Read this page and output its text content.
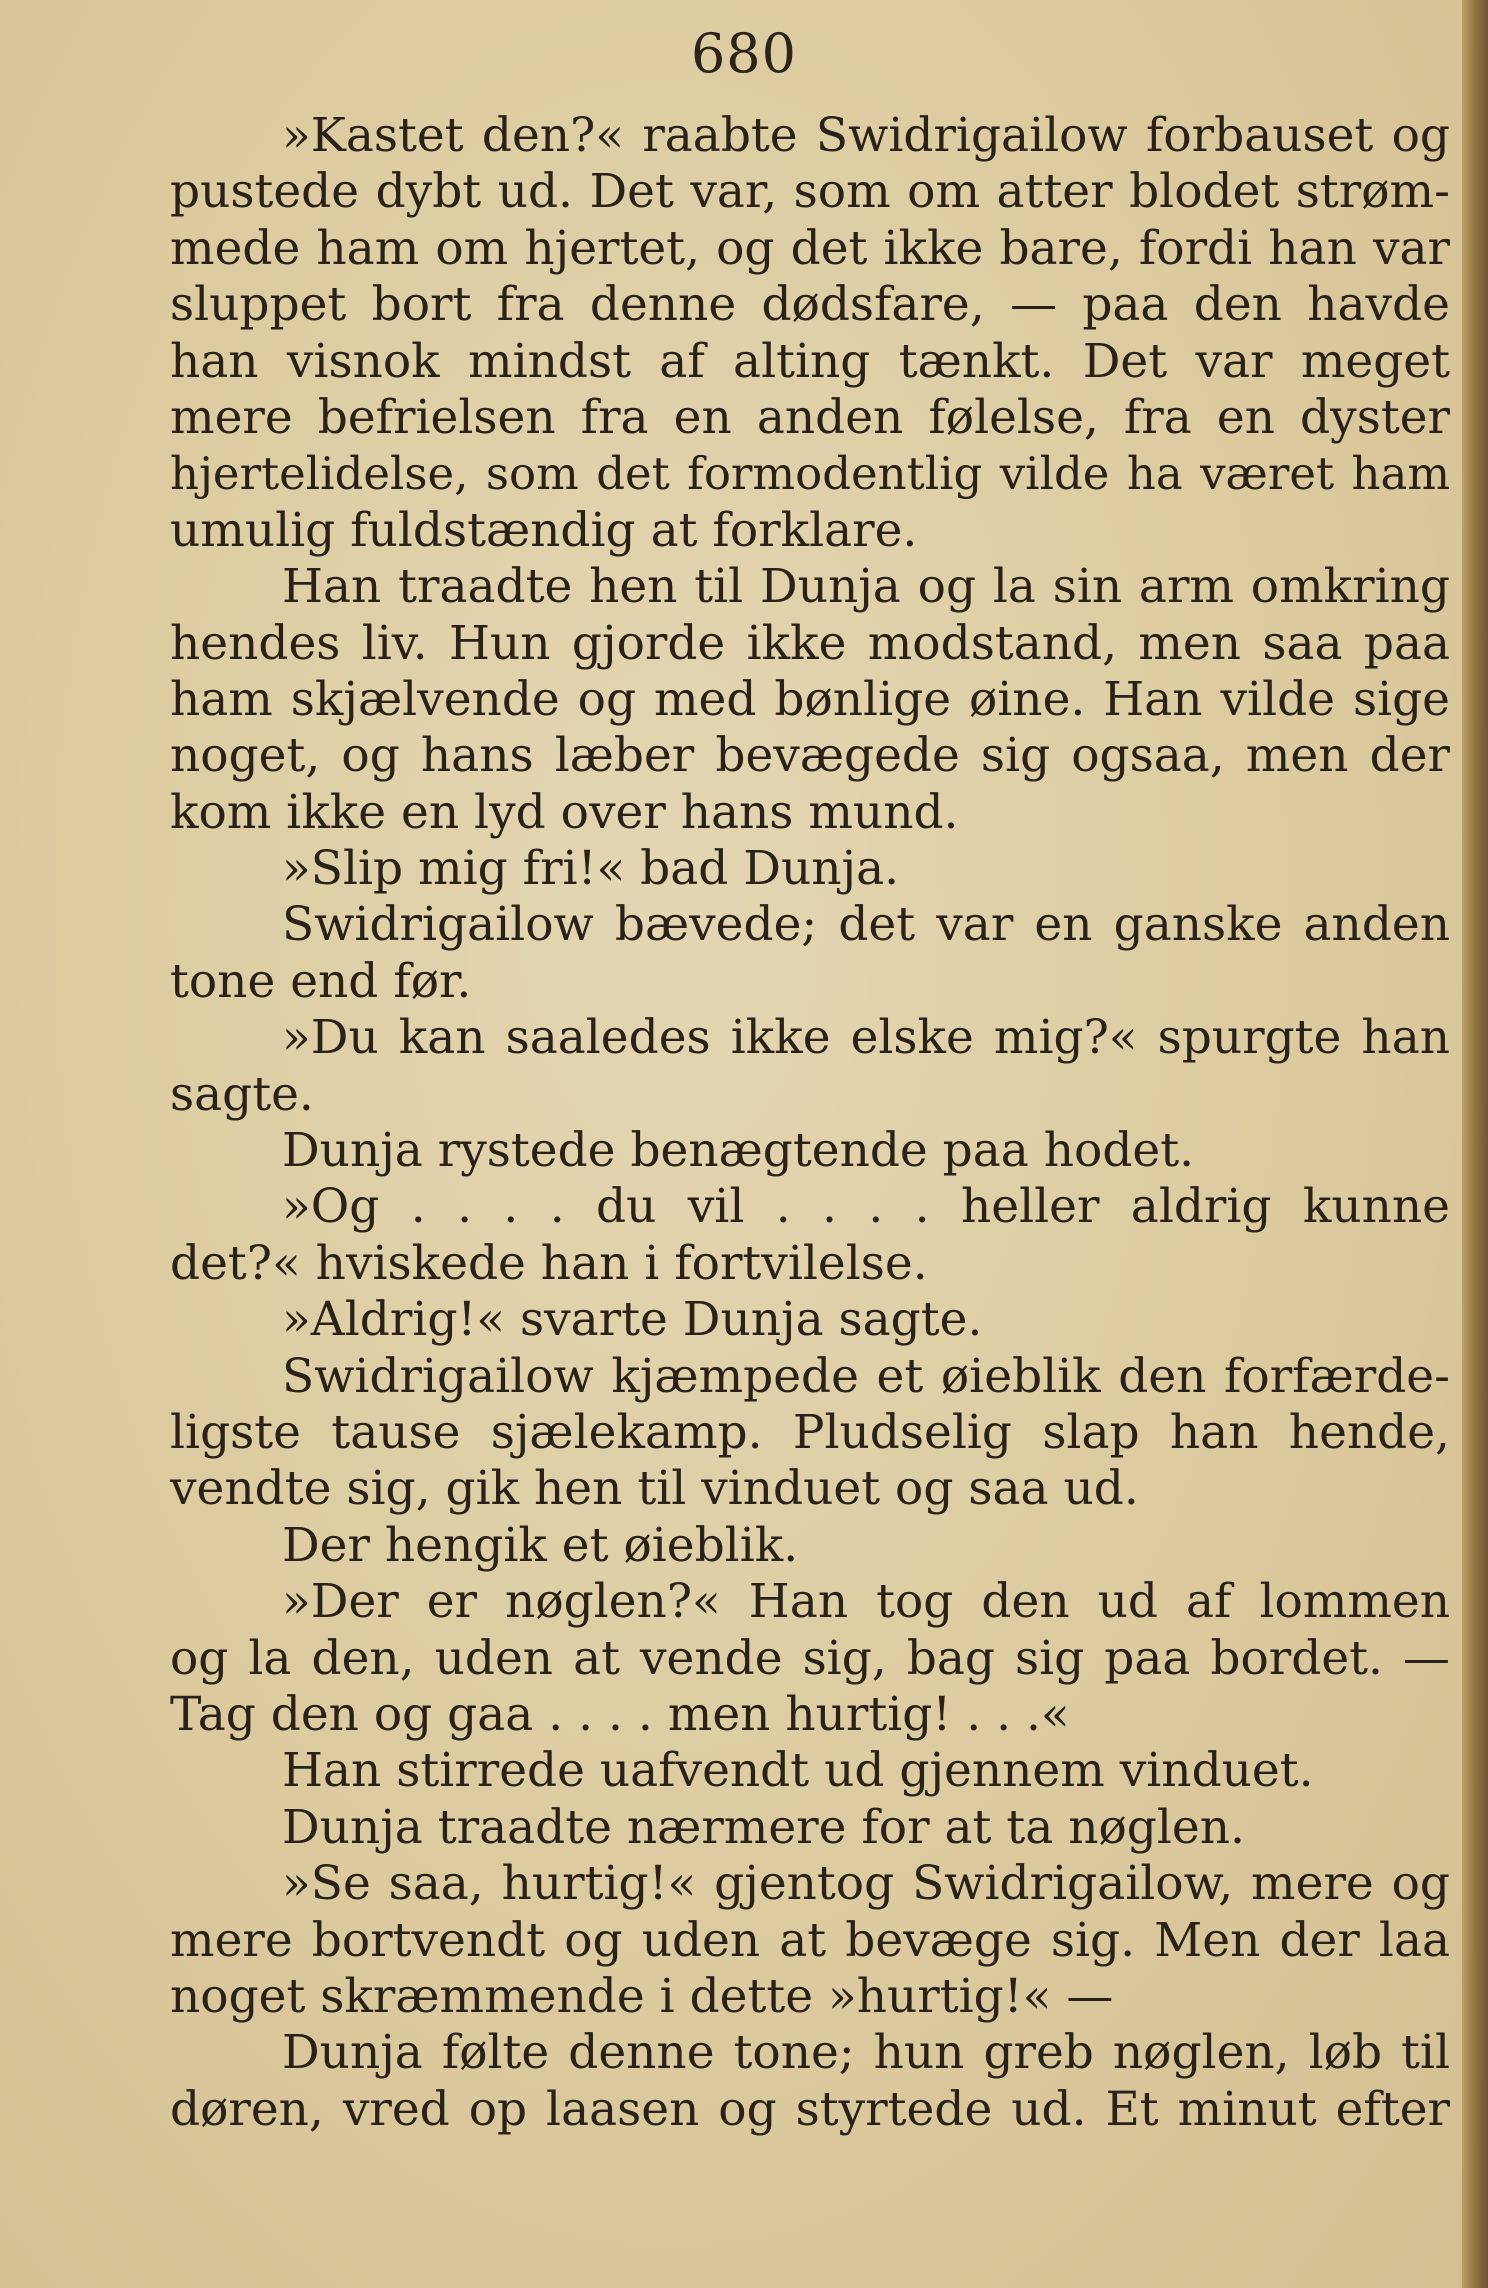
680
»Kastet den?« raabte Swidrigailow forbauset og
pustede dybt ud. Det var, som om atter blodet strøm-
mede ham om hjertet, og det ikke bare, fordi han var
sluppet bort fra denne dødsfare, — paa den havde
han visnok mindst af alting tænkt. Det var meget
mere befrielsen fra en anden følelse, fra en dyster
hjertelidelse, som det formodentlig vilde ha været ham
umulig fuldstændig at forklare.
Han traadte hen til Dunja og la sin arm omkring
hendes liv. Hun gjorde ikke modstand, men saa paa
ham skjælvende og med bønlige øine. Han vilde sige
noget, og hans læber bevægede sig ogsaa, men der
kom ikke en lyd over hans mund.
»Slip mig fri!« bad Dunja.
Swidrigailow bævede; det var en ganske anden
tone end før.
»Du kan saaledes ikke elske mig?« spurgte han
sagte.
Dunja rystede benægtende paa hodet.
»Og . . . . du vil . . . . heller aldrig kunne
det?« hviskede han i fortvilelse.
»Aldrig!« svarte Dunja sagte.
Swidrigailow kjæmpede et øieblik den forfærde-
ligste tause sjælekamp. Pludselig slap han hende,
vendte sig, gik hen til vinduet og saa ud.
Der hengik et øieblik.
»Der er nøglen?« Han tog den ud af lommen
og la den, uden at vende sig, bag sig paa bordet. —
Tag den og gaa . . . . men hurtig! . . .«
Han stirrede uafvendt ud gjennem vinduet.
Dunja traadte nærmere for at ta nøglen.
»Se saa, hurtig!« gjentog Swidrigailow, mere og
mere bortvendt og uden at bevæge sig. Men der laa
noget skræmmende i dette »hurtig!« —
Dunja følte denne tone; hun greb nøglen, løb til
døren, vred op laasen og styrtede ud. Et minut efter
